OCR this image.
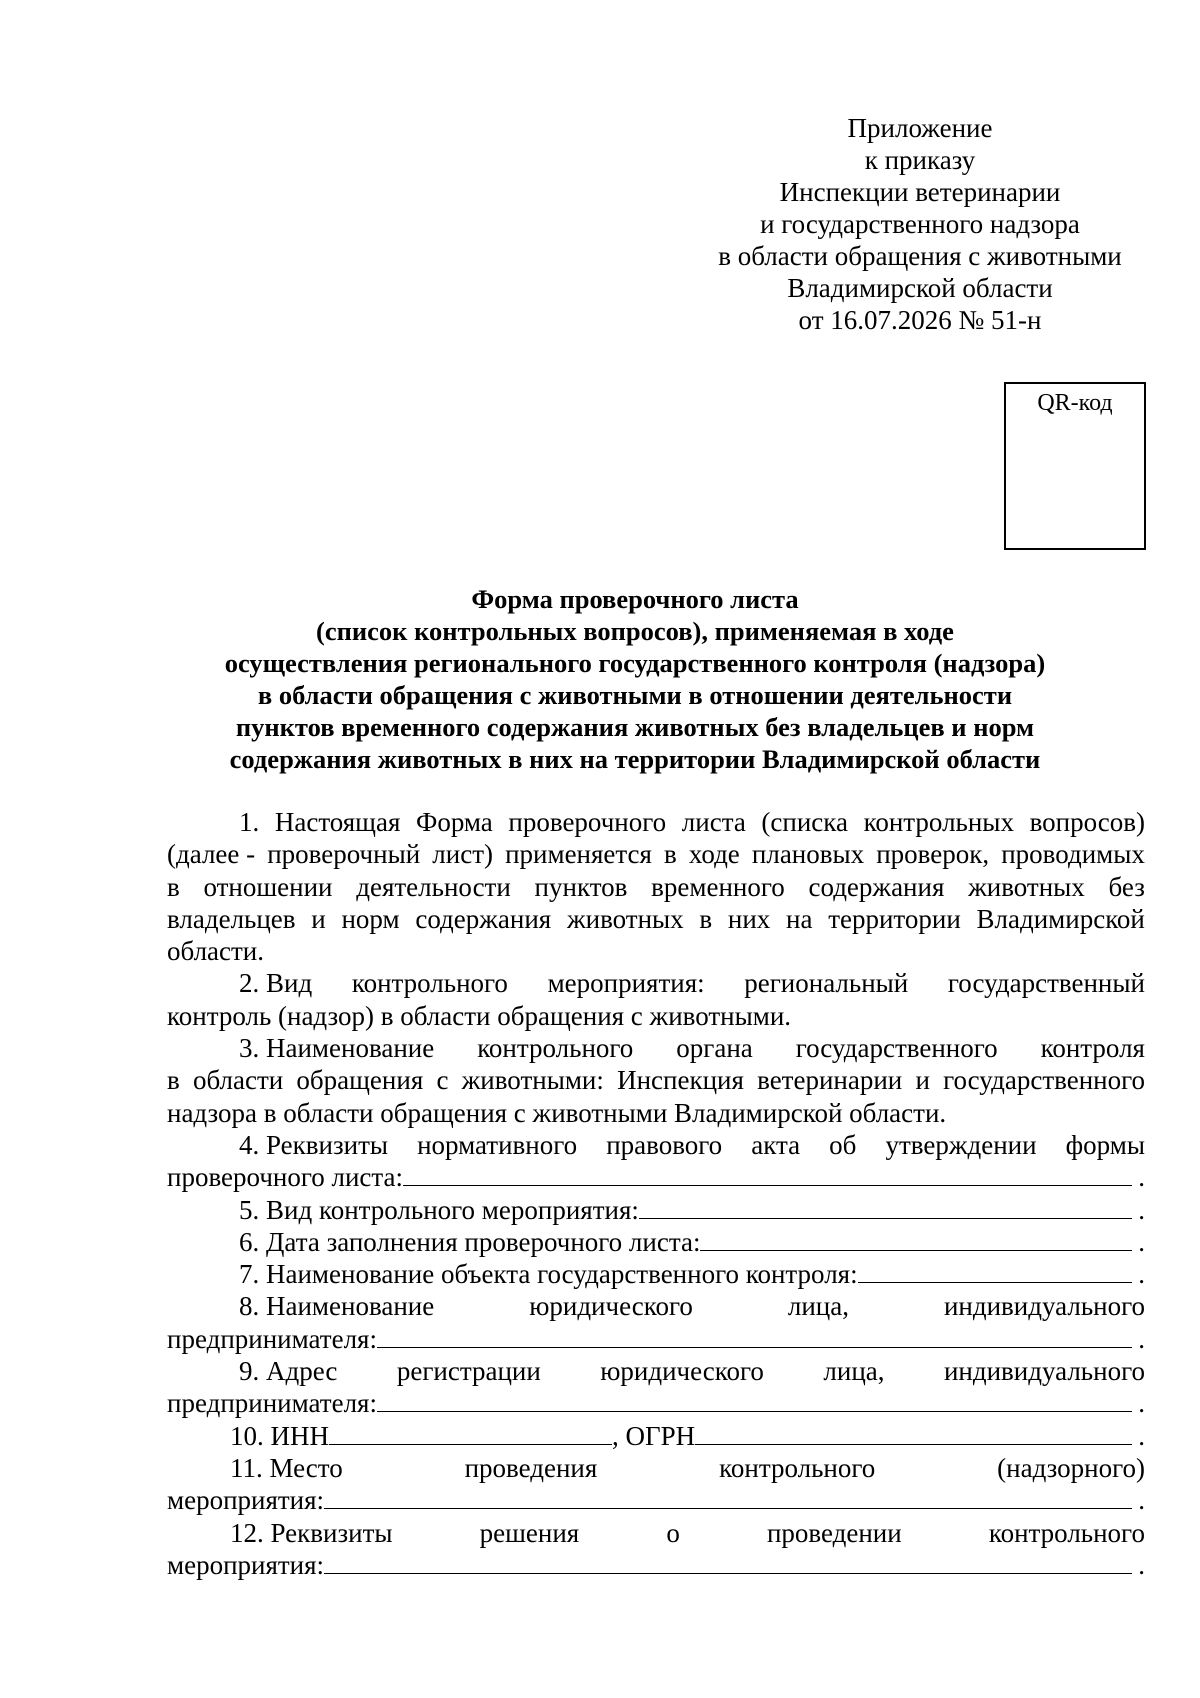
Приложение
к приказу
Инспекции ветеринарии
и государственного надзора
в области обращения с животными
Владимирской области
от 16.07.2026 № 51-н
QR-код
Форма проверочного листа
(список контрольных вопросов), применяемая в ходе
осуществления регионального государственного контроля (надзора)
в области обращения с животными в отношении деятельности
пунктов временного содержания животных без владельцев и норм
содержания животных в них на территории Владимирской области
1. Настоящая Форма проверочного листа (списка контрольных вопросов)
(далее - проверочный лист) применяется в ходе плановых проверок, проводимых
в отношении деятельности пунктов временного содержания животных без
владельцев и норм содержания животных в них на территории Владимирской
области.
2. Вид контрольного мероприятия: региональный государственный
контроль (надзор) в области обращения с животными.
3. Наименование контрольного органа государственного контроля
в области обращения с животными: Инспекция ветеринарии и государственного
надзора в области обращения с животными Владимирской области.
4. Реквизиты нормативного правового акта об утверждении формы
проверочного листа:	.
5. Вид контрольного мероприятия:	.
6. Дата заполнения проверочного листа:	.
7. Наименование объекта государственного контроля:	.
8. Наименование	юридического	лица,	индивидуального
предпринимателя:	.
9. Адрес регистрации юридического лица, индивидуального
предпринимателя:	.
10. ИНН	, ОГРН	.
11. Место	проведения	контрольного	(надзорного)
мероприятия:	.
12. Реквизиты	решения	о	проведении	контрольного
мероприятия:	.
